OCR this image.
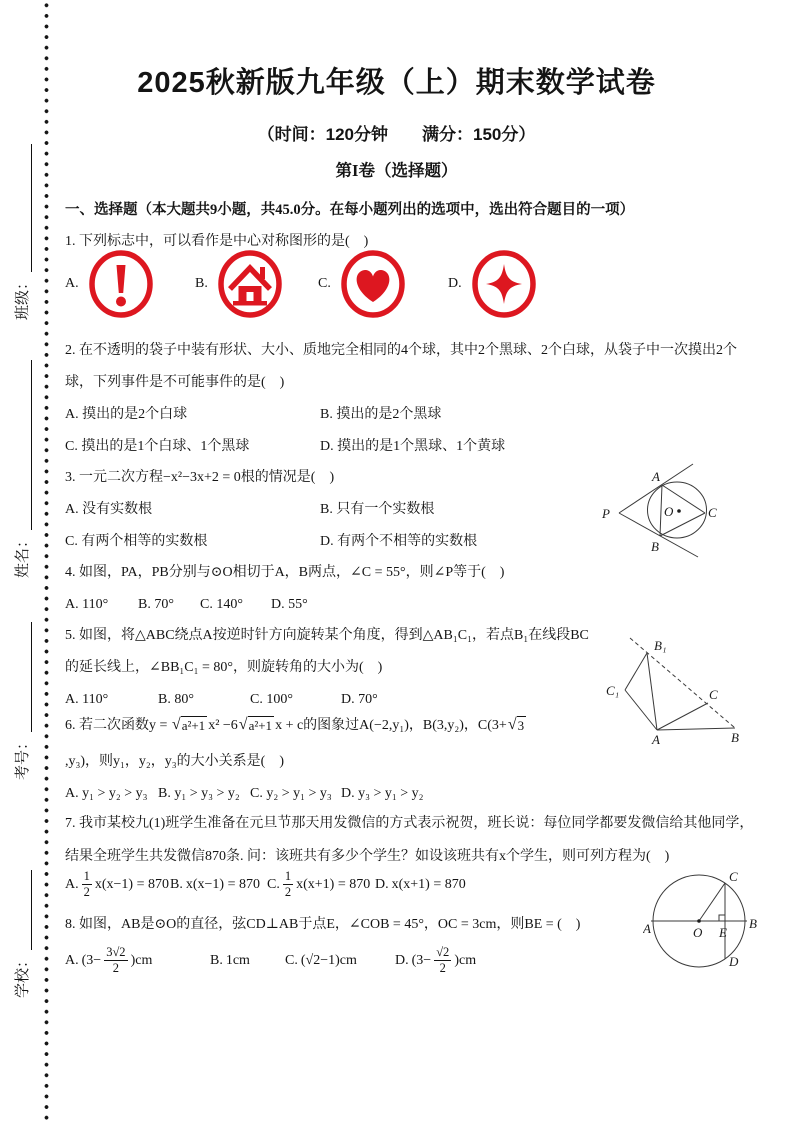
班级：
姓名：
考号：
学校：
2025秋新版九年级（上）期末数学试卷
（时间：120分钟　　满分：150分）
第I卷（选择题）
一、选择题（本大题共9小题，共45.0分。在每小题列出的选项中，选出符合题目的一项）
1. 下列标志中，可以看作是中心对称图形的是(　)
A.	B.	C.	D.
2. 在不透明的袋子中装有形状、大小、质地完全相同的4个球，其中2个黑球、2个白球，从袋子中一次摸出2个
球，下列事件是不可能事件的是(　)
A. 摸出的是2个白球	B. 摸出的是2个黑球
C. 摸出的是1个白球、1个黑球	D. 摸出的是1个黑球、1个黄球
3. 一元二次方程−x²−3x+2 = 0根的情况是(　)
A. 没有实数根	B. 只有一个实数根
C. 有两个相等的实数根	D. 有两个不相等的实数根
4. 如图，PA，PB分别与⊙O相切于A，B两点，∠C = 55°，则∠P等于(　)
A. 110° B. 70° C. 140° D. 55°
A
B
C
O
P
5. 如图，将△ABC绕点A按逆时针方向旋转某个角度，得到△AB₁C₁，若点B₁在线段BC
的延长线上，∠BB₁C₁ = 80°，则旋转角的大小为(　)
A. 110°	B. 80°	C. 100°	D. 70°
B₁
C₁	C
A	B
6. 若二次函数y = √ a²+1 x² −6 √ a²+1 x + c的图象过A(−2,y₁)，B(3,y₂)，C(3+ √ 3
,y₃)，则y₁，y₂，y₃的大小关系是(　)
A. y₁ > y₂ > y₃ B. y₁ > y₃ > y₂ C. y₂ > y₁ > y₃ D. y₃ > y₁ > y₂
7. 我市某校九(1)班学生准备在元旦节那天用发微信的方式表示祝贺，班长说：每位同学都要发微信给其他同学，
结果全班学生共发微信870条. 问：该班共有多少个学生？如设该班共有x个学生，则可列方程为(　)
A. $\frac{1}{2} x(x-1) = 870$ B. x(x−1) = 870 C. $\frac{1}{2} x(x+1) = 870$ D. x(x+1) = 870
8. 如图，AB是⊙O的直径，弦CD⊥AB于点E，∠COB = 45°，OC = 3cm，则BE = (　)
A. $(3- \frac{3√2}{2} )cm$	B. 1cm	C. (√2−1)cm	D. $(3- \frac{√2}{2} )cm$
A	B
C
D
E
O
